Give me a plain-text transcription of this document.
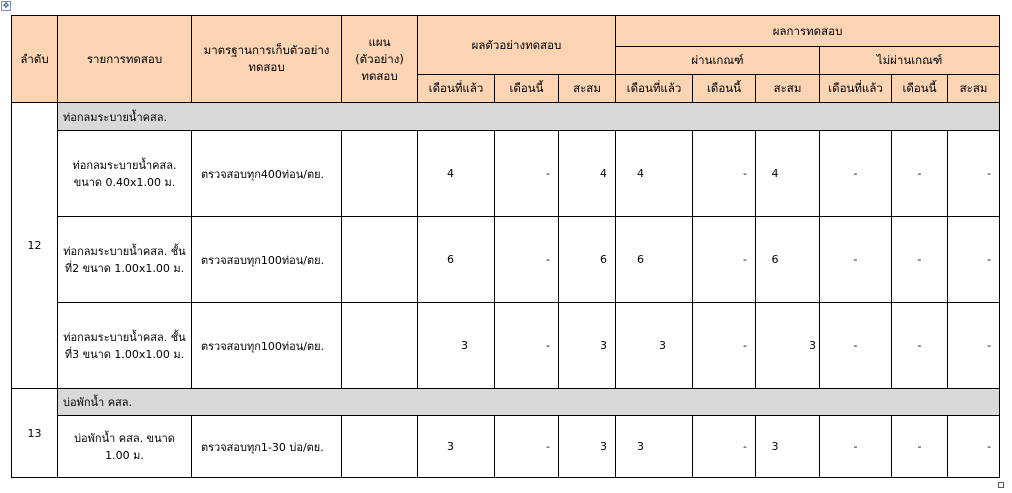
✥
ลำดับ	รายการทดสอบ	มาตรฐานการเก็บตัวอย่างทดสอบ	แผน (ตัวอย่าง) ทดสอบ	ผลตัวอย่างทดสอบ			ผลการทดสอบ					
							ผ่านเกณฑ์			ไม่ผ่านเกณฑ์		
				เดือนที่แล้ว	เดือนนี้	สะสม	เดือนที่แล้ว	เดือนนี้	สะสม	เดือนที่แล้ว	เดือนนี้	สะสม
12	ท่อกลมระบายน้ำคสล.											
	ท่อกลมระบายน้ำคสล. ขนาด 0.40x1.00 ม.	ตรวจสอบทุก400ท่อน/ตย.		4	-	4	4	-	4	-	-	-
	ท่อกลมระบายน้ำคสล. ชั้นที่2 ขนาด 1.00x1.00 ม.	ตรวจสอบทุก100ท่อน/ตย.		6	-	6	6	-	6	-	-	-
	ท่อกลมระบายน้ำคสล. ชั้นที่3 ขนาด 1.00x1.00 ม.	ตรวจสอบทุก100ท่อน/ตย.		3	-	3	3	-	3	-	-	-
13	บ่อพักน้ำ คสล.											
	บ่อพักน้ำ คสล. ขนาด 1.00 ม.	ตรวจสอบทุก1-30 บ่อ/ตย.		3	-	3	3	-	3	-	-	-
